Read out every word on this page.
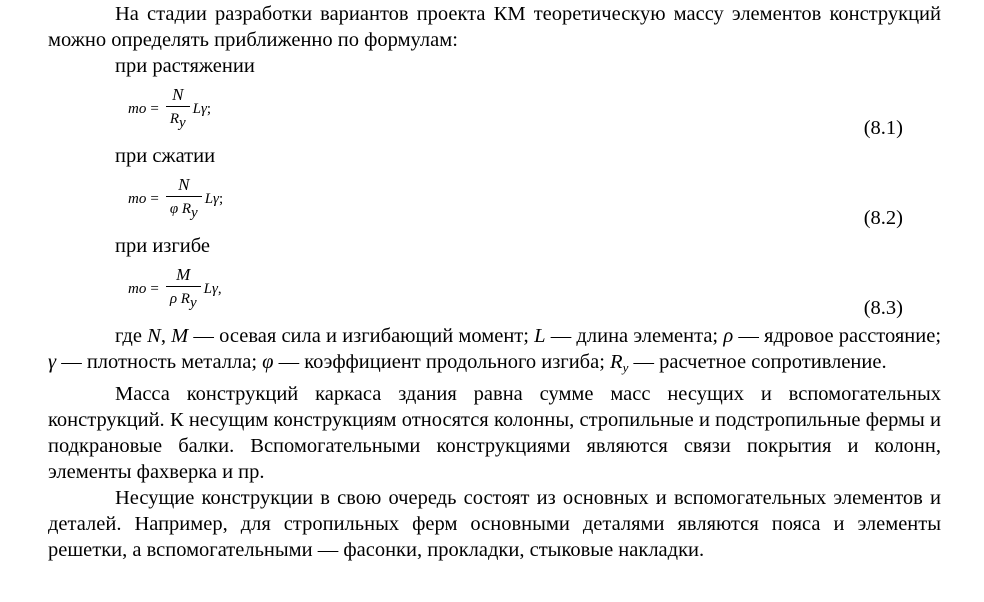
На стадии разработки вариантов проекта КМ теоретическую массу элементов конструкций можно определять приближенно по формулам:

при растяжении

m $o = \frac{N}{Ry}$ Lγ ;
(8.1)

при сжатии

m $o = \frac{N}{\text{φ Ry}}$ Lγ ;
(8.2)

при изгибе

m $o = \frac{M}{\text{ρ Ry}}$ Lγ ,
(8.3)

где N, M — осевая сила и изгибающий момент; L — длина элемента; ρ — ядровое расстояние; γ — плотность металла; φ — коэффициент продольного изгиба; Ry — расчетное сопротивление.

Масса конструкций каркаса здания равна сумме масс несущих и вспомогательных конструкций. К несущим конструкциям относятся колонны, стропильные и подстропильные фермы и подкрановые балки. Вспомогательными конструкциями являются связи покрытия и колонн, элементы фахверка и пр.

Несущие конструкции в свою очередь состоят из основных и вспомогательных элементов и деталей. Например, для стропильных ферм основными деталями являются пояса и элементы решетки, а вспомогательными — фасонки, прокладки, стыковые накладки.
